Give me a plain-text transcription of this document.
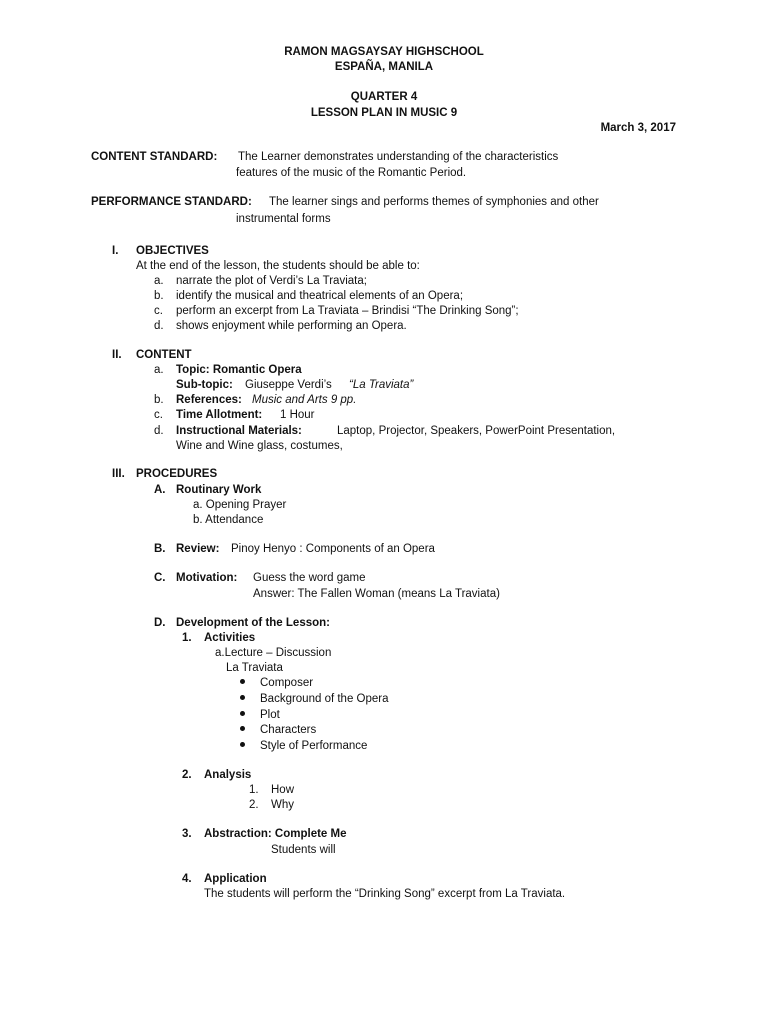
RAMON MAGSAYSAY HIGHSCHOOL
ESPAÑA, MANILA
QUARTER 4
LESSON PLAN IN MUSIC 9
March 3, 2017
CONTENT STANDARD: The Learner demonstrates understanding of the characteristics
features of the music of the Romantic Period.
PERFORMANCE STANDARD: The learner sings and performs themes of symphonies and other
instrumental forms
I. OBJECTIVES
At the end of the lesson, the students should be able to:
a. narrate the plot of Verdi’s La Traviata;
b. identify the musical and theatrical elements of an Opera;
c. perform an excerpt from La Traviata – Brindisi “The Drinking Song”;
d. shows enjoyment while performing an Opera.
II. CONTENT
a. Topic: Romantic Opera
Sub-topic: Giuseppe Verdi’s “La Traviata”
b. References: Music and Arts 9 pp.
c. Time Allotment: 1 Hour
d. Instructional Materials:	Laptop, Projector, Speakers, PowerPoint Presentation,
Wine and Wine glass, costumes,
III. PROCEDURES
A. Routinary Work
a. Opening Prayer
b. Attendance
B. Review: Pinoy Henyo : Components of an Opera
C. Motivation: Guess the word game
Answer: The Fallen Woman (means La Traviata)
D. Development of the Lesson:
1. Activities
a.Lecture – Discussion
La Traviata
Composer
Background of the Opera
Plot
Characters
Style of Performance
2. Analysis
1. How
2. Why
3. Abstraction: Complete Me
Students will
4. Application
The students will perform the “Drinking Song” excerpt from La Traviata.
